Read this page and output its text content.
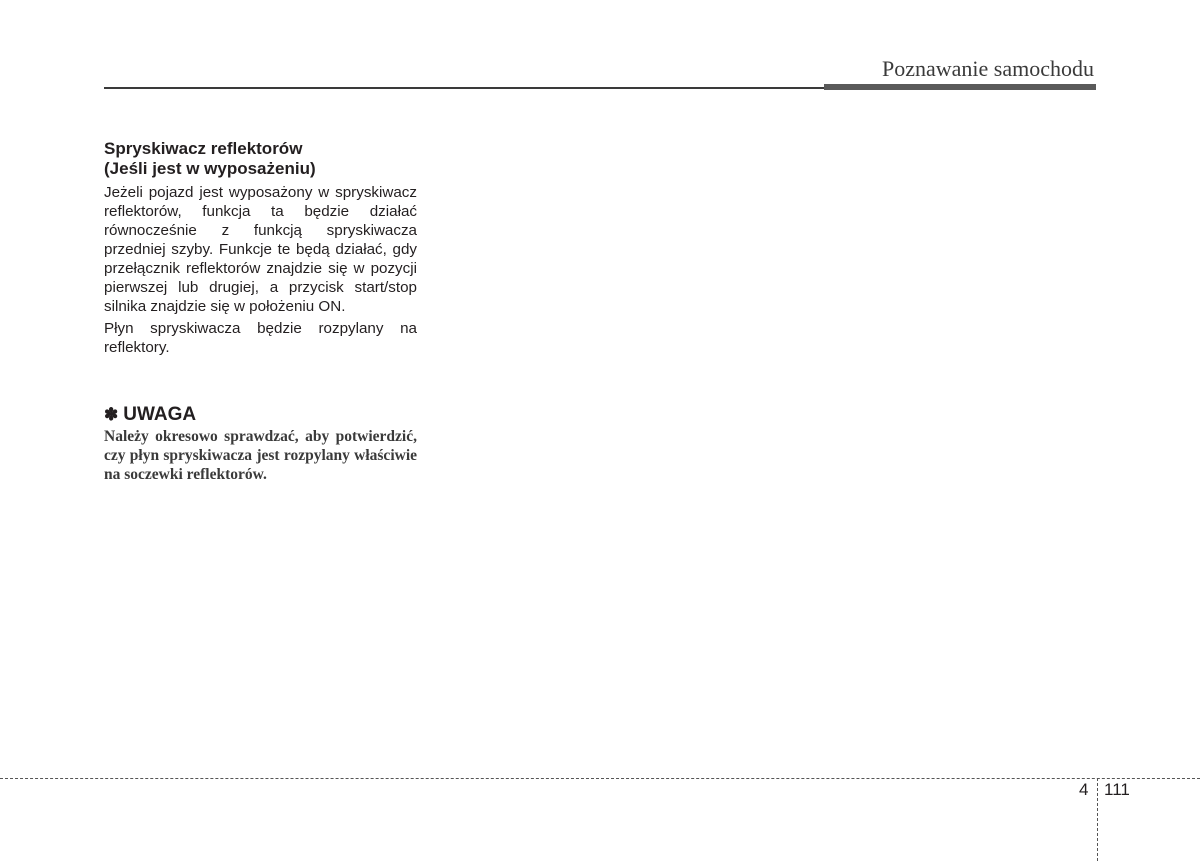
Poznawanie samochodu
Spryskiwacz reflektorów
(Jeśli jest w wyposażeniu)

Jeżeli pojazd jest wyposażony w spryskiwacz reflektorów, funkcja ta będzie działać równocześnie z funkcją spryskiwacza przedniej szyby. Funkcje te będą działać, gdy przełącznik reflektorów znajdzie się w pozycji pierwszej lub drugiej, a przycisk start/stop silnika znajdzie się w położeniu ON.

Płyn spryskiwacza będzie rozpylany na reflektory.

✽ UWAGA

Należy okresowo sprawdzać, aby potwierdzić, czy płyn spryskiwacza jest rozpylany właściwie na soczewki reflektorów.

4 111
